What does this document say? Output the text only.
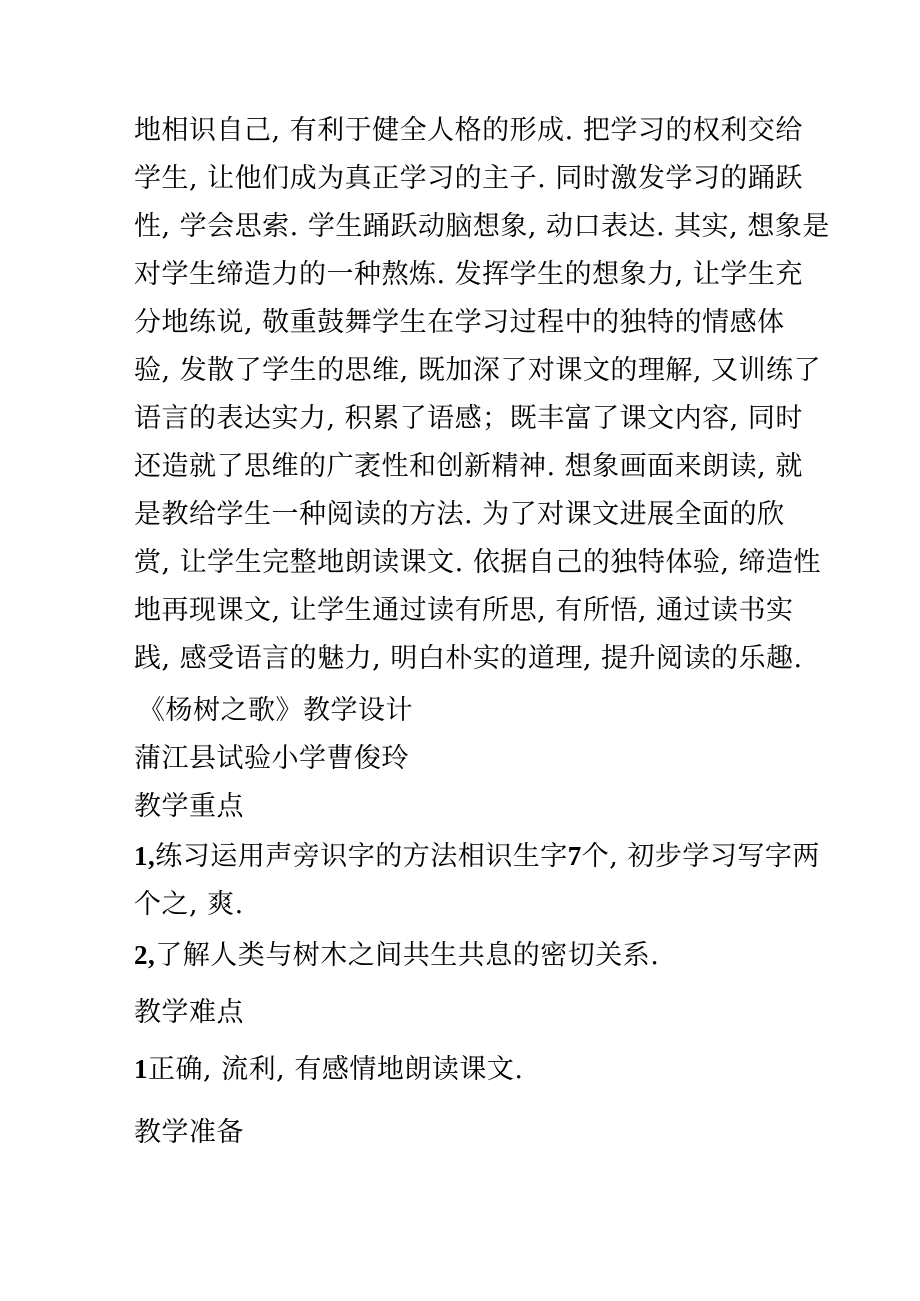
地相识自己, 有利于健全人格的形成. 把学习的权利交给
学生, 让他们成为真正学习的主子. 同时激发学习的踊跃
性, 学会思索. 学生踊跃动脑想象, 动口表达. 其实, 想象是
对学生缔造力的一种熬炼. 发挥学生的想象力, 让学生充
分地练说, 敬重鼓舞学生在学习过程中的独特的情感体
验, 发散了学生的思维, 既加深了对课文的理解, 又训练了
语言的表达实力, 积累了语感；既丰富了课文内容, 同时
还造就了思维的广袤性和创新精神. 想象画面来朗读, 就
是教给学生一种阅读的方法. 为了对课文进展全面的欣
赏, 让学生完整地朗读课文. 依据自己的独特体验, 缔造性
地再现课文, 让学生通过读有所思, 有所悟, 通过读书实
践, 感受语言的魅力, 明白朴实的道理, 提升阅读的乐趣.
《杨树之歌》教学设计
蒲江县试验小学曹俊玲
教学重点
1,练习运用声旁识字的方法相识生字7个, 初步学习写字两
个之, 爽.
2,了解人类与树木之间共生共息的密切关系.
教学难点
1正确, 流利, 有感情地朗读课文.
教学准备
